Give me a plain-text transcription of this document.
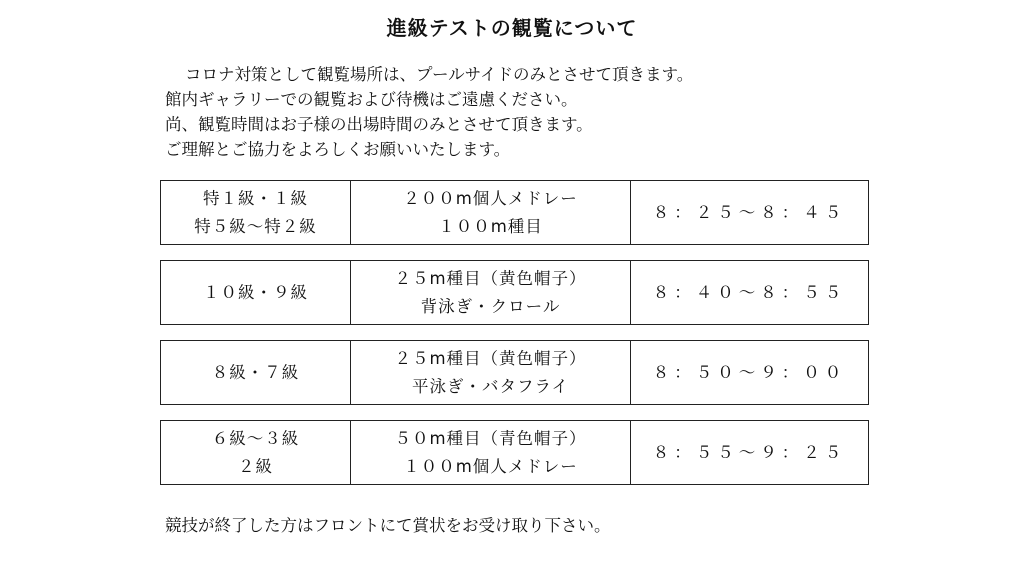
進級テストの観覧について
コロナ対策として観覧場所は、プールサイドのみとさせて頂きます。
館内ギャラリーでの観覧および待機はご遠慮ください。
尚、観覧時間はお子様の出場時間のみとさせて頂きます。
ご理解とご協力をよろしくお願いいたします。
特１級・１級
特５級〜特２級
２００m個人メドレー
１００m種目
８：２５〜８：４５
１０級・９級
２５m種目（黄色帽子）
背泳ぎ・クロール
８：４０〜８：５５
８級・７級
２５m種目（黄色帽子）
平泳ぎ・バタフライ
８：５０〜９：００
６級〜３級
２級
５０m種目（青色帽子）
１００m個人メドレー
８：５５〜９：２５
競技が終了した方はフロントにて賞状をお受け取り下さい。
